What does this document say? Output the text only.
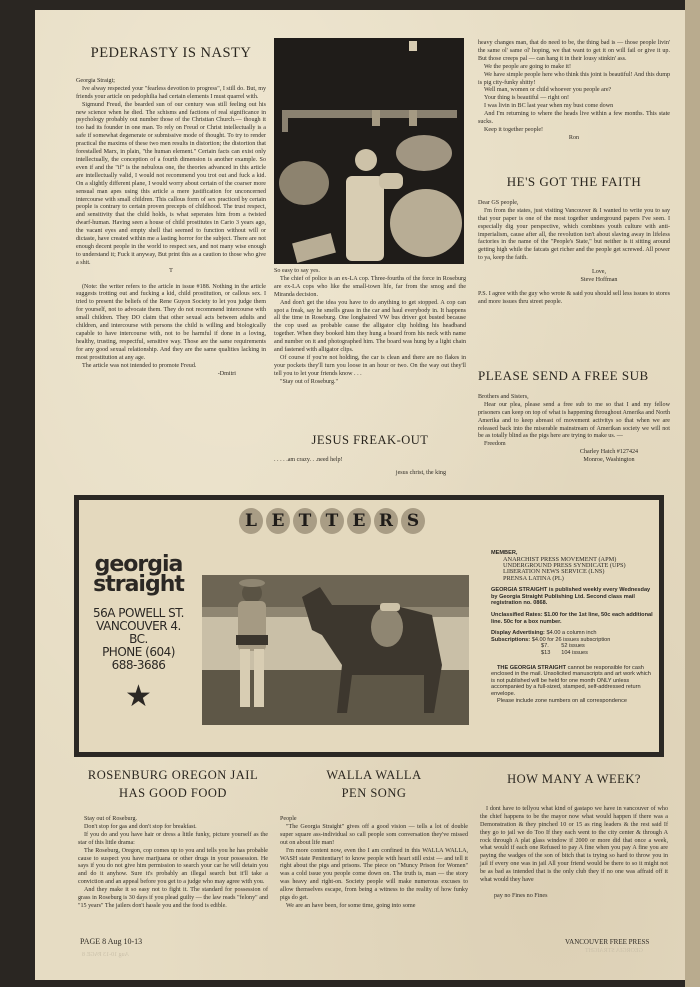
PEDERASTY IS NASTY

Georgia Straigt;

Ive alway respected your "fearless devotion to progress", I still do. But, my friends your article on pedophilia had certain elements I must quarrel with.

Sigmund Freud, the bearded sun of our century was still feeling out his new science when he died. The schisms and factions of real significance in psychology probably out number those of the Christian Church.— though it too had its founder in one man. To rely on Freud or Christ intellectually is a safe if somewhat degenerate or submissive mode of thought. To try to render practical the maxims of these two men results in distortion; the distortion that forestalled Marx, in plain, "the human element." Certain facts can exist only intellectually, the conception of a fourth dimension is another example. So even if and the "if" is the nebulous one, the theories advanced in this article are intellectually valid, I would not recommend you trot out and fuck a kid. On a slightly different plane, I would worry about certain of the coarser more sensual man apes using this article a mere justification for unconcerned intercourse with small children. This callous form of sex practiced by certain people is contrary to certain proven precepts of childhood. The trust respect, and sensitivity that the child holds, is what seperates him from a twisted dwarf-human. Having seen a house of child prostitutes in Cario 3 years ago, the vacant eyes and empty shell that seemed to function without will or dictaste, have created within me a lasting horror for the subject. There are not enough decent people in the world to respect sex, and not many wise enough to understand it; Fuck it anyway, But print this as a caution to those who give a shit.

T

(Note: the writer refers to the article in issue #188. Nothing in the article suggests trotting out and fucking a kid, child prostitution, or callous sex. I tried to present the beliefs of the Rene Guyon Society to let you judge them for yourself, not to advocate them. They do not recommend intercourse with small children. They DO claim that other sexual acts between adults and children, and intercourse with persons the child is willing and biologically capable to have intercourse with, not to be harmful if done in a loving, healthy, trusting, respectful, sensitive way. Those are the same requirements for any good sexual relationship. And they are the same qualities lacking in most prostitution at any age.

The article was not intended to promote Freud.

-Dmitri

So easy to say yes.

The chief of police is an ex-LA cop. Three-fourths of the force in Roseburg are ex-LA cops who like the small-town life, far from the smog and the Miranda decision.

And don't get the idea you have to do anything to get stopped. A cop can spot a freak, say he smells grass in the car and haul everybody in. It happens all the time in Roseburg. One longhaired VW bus driver got busted because the cop used as probable cause the alligator clip holding his headband together. When they booked him they hung a board from his neck with name and number on it and photographed him. The board was hung by a light chain and fastened with alligator clips.

Of course if you're not holding, the car is clean and there are no flakes in your pockets they'll turn you loose in an hour or two. On the way out they'll tell you to let your friends know . . .

"Stay out of Roseburg."

JESUS FREAK-OUT

. . . . .am crazy. . .need help!

jesus christ, the king

heavy changes man, that do need to be, the thing bad is — those people livin' the same ol' same ol' hoping, we that want to get it on will fail or give it up. But those creeps pal — can hang it in their lousy stinkin' ass.

We the people are going to make it!

We have simple people here who think this joint is beautiful! And this dump is pig city-funky shitty!

Well man, women or child whoever you people are?

Your thing is beautiful — right on!

I was livin in BC last year when my bust come down

And I'm returning to where the heads live within a few months. This state sucks.

Keep it together people!

Ron

HE'S GOT THE FAITH

Dear GS people,

I'm from the states, just visiting Vancouver & I wanted to write you to say that your paper is one of the most together underground papers I've seen. I especially dig your perspective, which combines youth culture with anti-imperialism, cause after all, the revolution isn't about slaving away in lifeless factories in the name of the "People's State," but neither is it sitting around getting high while the fatcats get richer and the people get screwed. All power to ya, keep the faith.

Love,

Steve Hoffman

P.S. I agree with the guy who wrote & said you should sell less issues to stores and more issues thru street people.

PLEASE SEND A FREE SUB

Brothers and Sisters,

Hear our plea, please send a free sub to me so that I and my fellow prisoners can keep on top of what is happening throughout Amerika and North Amerika and to keep abreast of movement activitys so that when we are released back into the miserable mainstream of Amerikan society we will not be as totally blind as the pigs here are trying to make us. —

Freedom

Charley Hatch #127424

Monroe, Washington

L E T T E R S
georgia
straight
56A POWELL ST.
VANCOUVER 4. BC.
PHONE (604)
688-3686
★
MEMBER,
ANARCHIST PRESS MOVEMENT (APM)
UNDERGROUND PRESS SYNDICATE (UPS)
LIBERATION NEWS SERVICE (LNS)
PRENSA LATINA (PL)
GEORGIA STRAIGHT is published weekly every Wednesday by Georgia Straight Publishing Ltd. Second class mail registration no. 0868.
Unclassified Rates: $1.00 for the 1st line, 50c each additional line. 50c for a box number.
Display Advertising: $4.00 a column inch
Subscriptions: $4.00 for 26 issues subscription
$7.        52 issues
$13       104 issues
THE GEORGIA STRAIGHT cannot be responsible for cash enclosed in the mail. Unsolicited manuscripts and art work which is not published will be held for one month ONLY unless accompanied by a full-sized, stamped, self-addressed return envelope.
Please include zone numbers on all correspondence
ROSENBURG OREGON JAIL
HAS GOOD FOOD

Stay out of Roseburg.

Don't stop for gas and don't stop for breakfast.

If you do and you have hair or dress a little funky, picture yourself as the star of this little drama:

The Roseburg, Oregon, cop comes up to you and tells you he has probable cause to suspect you have marijuana or other drugs in your possession. He says if you do not give him permission to search your car he will detain you and do it anyhow. Sure it's probably an illegal search but it'll take a conviction and an appeal before you get to a judge who may agree with you.

And they make it so easy not to fight it. The standard for possession of grass in Roseburg is 30 days if you plead guilty — the law reads "felony" and "15 years" The jailers don't hassle you and the food is edible.

WALLA WALLA
PEN SONG

People

"The Georgia Straight" gives off a good vision — tells a lot of double super square ass-individual so call people som conversation they've missed out on about life man!

I'm more content now, even tho I am confined in this WALLA WALLA, WASH state Penitentiary! to know people with heart still exist — and tell it right about the pigs and prisons. The piece on "Muncy Prison for Women" was a cold issue you people come down on. The truth is, man — the story was heavy and right-on. Society people will make numerous excuses to allow themselves escape, from being a witness to the reality of how funky pigs do get.

We are an have been, for some time, going into some

HOW MANY A WEEK?

I dont have to tellyou what kind of gastapo we have in vancouver of who the chief happens to be the mayor now what would happen if there was a Demonstration & they pinched 10 or 15 as ring leaders & the rest said If they go to jail we do Too If they each went to the city center & through A rock through A plat glass window if 2000 or more did that once a week, what would if each one Refused to pay A fine when you pay A fine you are paying the wadges of the son of bitch that is trying so hard to throw you in jail if every one was in jail All your friend would be there to so it might not be as bad as intended that is the only club they if no one was affraid off it what would they have

pay no Fines no Fines

PAGE 8 Aug 10-13
Aug 10-13 PAGE 8
VANCOUVER FREE PRESS
GEORGIA STRAIGHT
